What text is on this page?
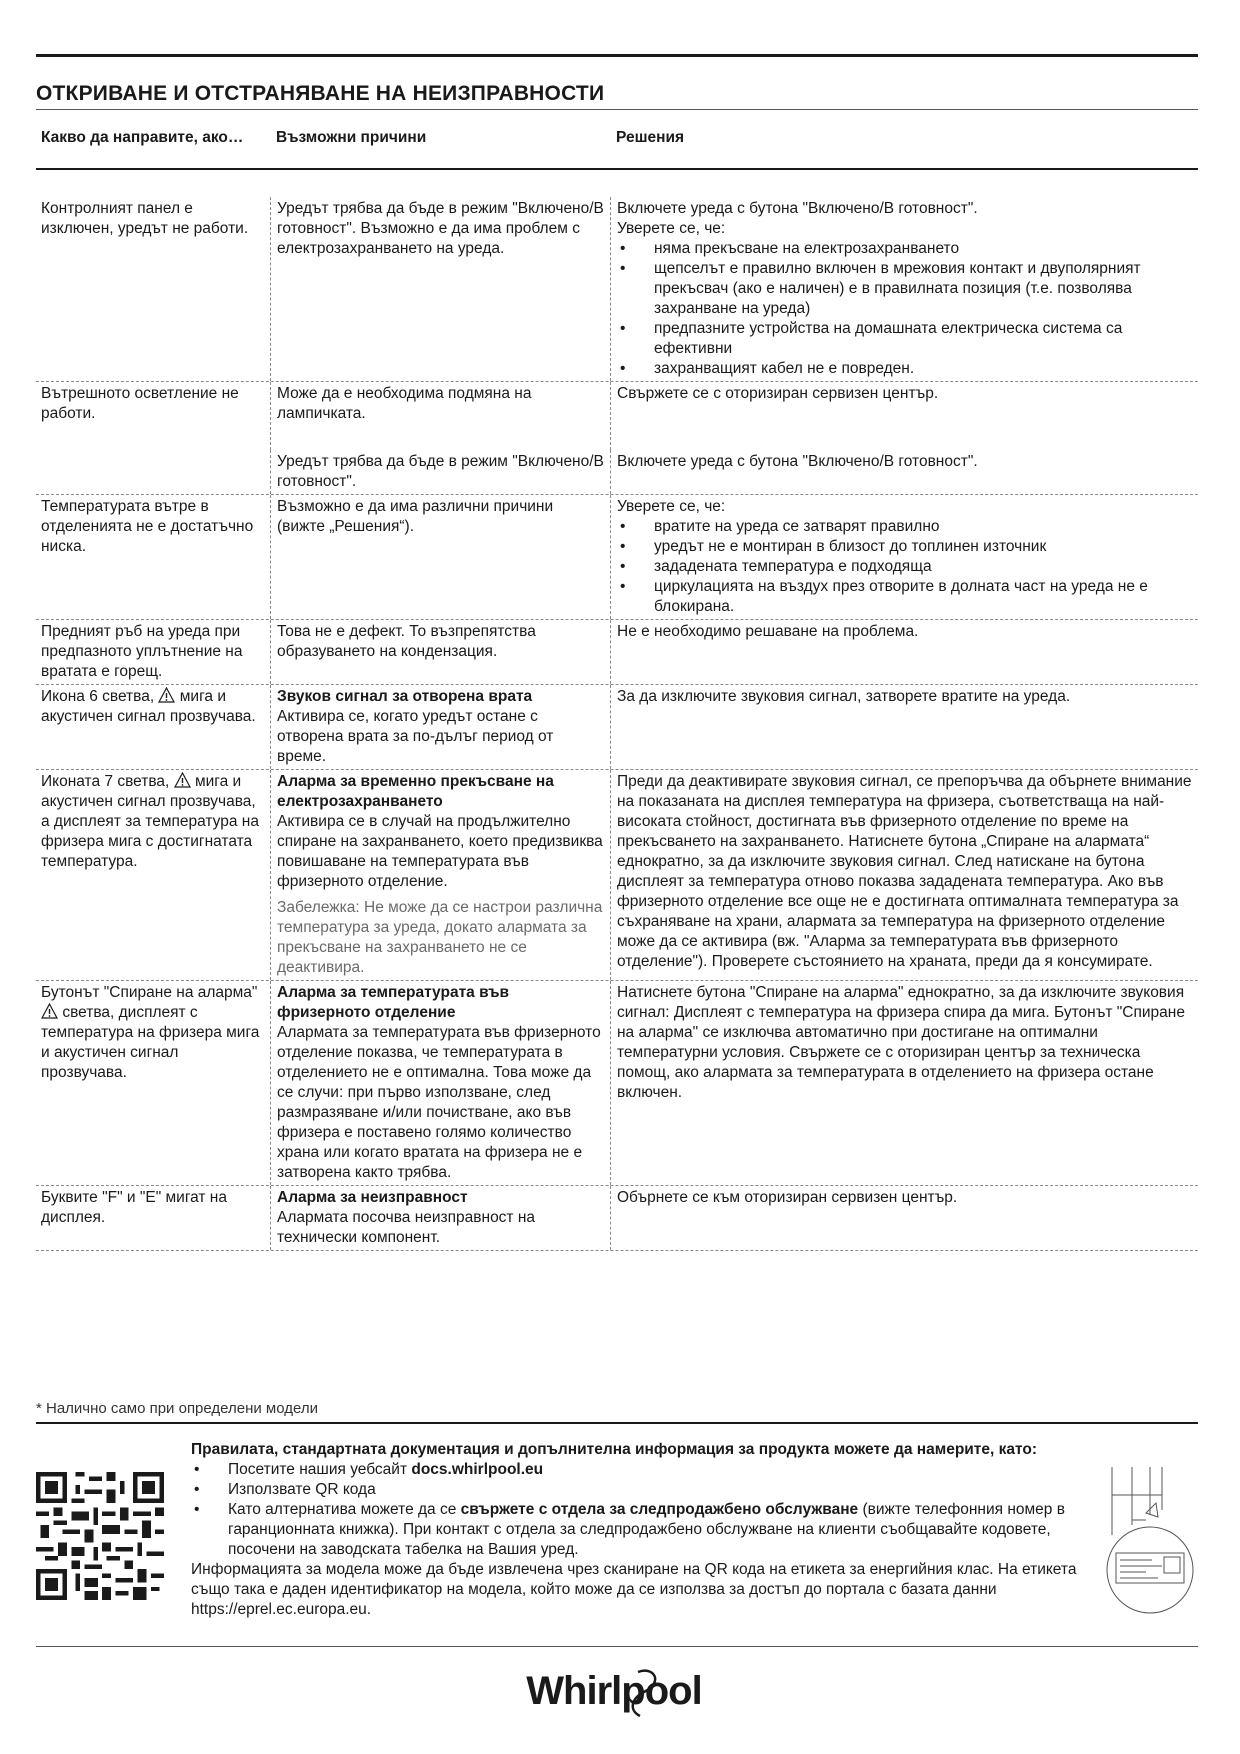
ОТКРИВАНЕ И ОТСТРАНЯВАНЕ НА НЕИЗПРАВНОСТИ
Какво да направите, ако…	Възможни причини	Решения
Контролният панел е изключен, уредът не работи.
Уредът трябва да бъде в режим "Включено/В готовност". Възможно е да има проблем с електрозахранването на уреда.
Включете уреда с бутона "Включено/В готовност".
Уверете се, че:
• няма прекъсване на електрозахранването
• щепселът е правилно включен в мрежовия контакт и двуполярният прекъсвач (ако е наличен) е в правилната позиция (т.е. позволява захранване на уреда)
• предпазните устройства на домашната електрическа система са ефективни
• захранващият кабел не е повреден.
Вътрешното осветление не работи.
Може да е необходима подмяна на лампичката.
Свържете се с оторизиран сервизен център.
Уредът трябва да бъде в режим "Включено/В готовност".
Включете уреда с бутона "Включено/В готовност".
Температурата вътре в отделенията не е достатъчно ниска.
Възможно е да има различни причини (вижте „Решения“).
Уверете се, че:
• вратите на уреда се затварят правилно
• уредът не е монтиран в близост до топлинен източник
• зададената температура е подходяща
• циркулацията на въздух през отворите в долната част на уреда не е блокирана.
Предният ръб на уреда при предпазното уплътнение на вратата е горещ.
Това не е дефект. То възпрепятства образуването на кондензация.
Не е необходимо решаване на проблема.
Икона 6 светва, мига и акустичен сигнал прозвучава.
Звуков сигнал за отворена врата
Активира се, когато уредът остане с отворена врата за по-дълъг период от време.
За да изключите звуковия сигнал, затворете вратите на уреда.
Иконата 7 светва, мига и акустичен сигнал прозвучава, а дисплеят за температура на фризера мига с достигнатата температура.
Аларма за временно прекъсване на електрозахранването
Активира се в случай на продължително спиране на захранването, което предизвиква повишаване на температурата във фризерното отделение.
Забележка: Не може да се настрои различна температура за уреда, докато алармата за прекъсване на захранването не се деактивира.
Преди да деактивирате звуковия сигнал, се препоръчва да обърнете внимание на показаната на дисплея температура на фризера, съответстваща на най-високата стойност, достигната във фризерното отделение по време на прекъсването на захранването. Натиснете бутона „Спиране на алармата“ еднократно, за да изключите звуковия сигнал. След натискане на бутона дисплеят за температура отново показва зададената температура. Ако във фризерното отделение все още не е достигната оптималната температура за съхраняване на храни, алармата за температура на фризерното отделение може да се активира (вж. "Аларма за температурата във фризерното отделение"). Проверете състоянието на храната, преди да я консумирате.
Бутонът "Спиране на аларма"  светва, дисплеят с температура на фризера мига и акустичен сигнал прозвучава.
Аларма за температурата във фризерното отделение
Алармата за температурата във фризерното отделение показва, че температурата в отделението не е оптимална. Това може да се случи: при първо използване, след размразяване и/или почистване, ако във фризера е поставено голямо количество храна или когато вратата на фризера не е затворена както трябва.
Натиснете бутона "Спиране на аларма" еднократно, за да изключите звуковия сигнал: Дисплеят с температура на фризера спира да мига. Бутонът "Спиране на аларма" се изключва автоматично при достигане на оптимални температурни условия. Свържете се с оторизиран център за техническа помощ, ако алармата за температурата в отделението на фризера остане включен.
Буквите "F" и "E" мигат на дисплея.
Аларма за неизправност
Алармата посочва неизправност на технически компонент.
Обърнете се към оторизиран сервизен център.
* Налично само при определени модели
Правилата, стандартната документация и допълнителна информация за продукта можете да намерите, като:
• Посетите нашия уебсайт docs.whirlpool.eu
• Използвате QR кода
• Като алтернатива можете да се свържете с отдела за следпродажбено обслужване (вижте телефонния номер в гаранционната книжка). При контакт с отдела за следпродажбено обслужване на клиенти съобщавайте кодовете, посочени на заводската табелка на Вашия уред.
Информацията за модела може да бъде извлечена чрез сканиране на QR кода на етикета за енергийния клас. На етикета също така е даден идентификатор на модела, който може да се използва за достъп до портала с базата данни https://eprel.ec.europa.eu.
Whirlpool
